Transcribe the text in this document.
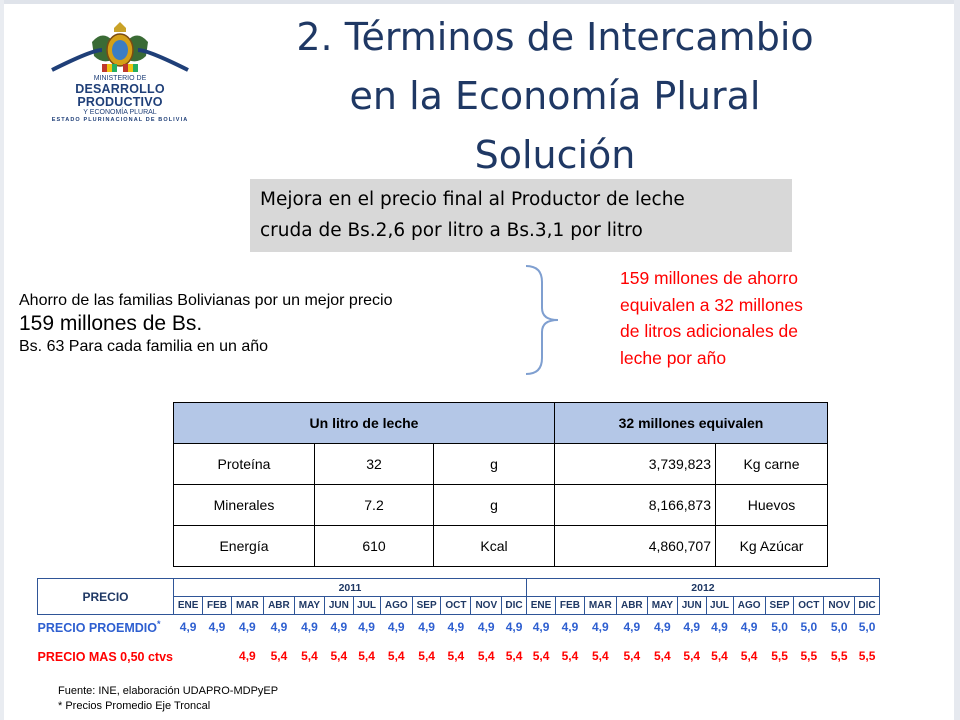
MINISTERIO DE
DESARROLLO PRODUCTIVO
Y ECONOMÍA PLURAL
ESTADO PLURINACIONAL DE BOLIVIA
2. Términos de Intercambio
en la Economía Plural
Solución
Mejora en el precio final al Productor de leche
cruda de Bs.2,6 por litro a Bs.3,1 por litro
Ahorro de las familias Bolivianas por un mejor precio
159 millones de Bs.
Bs. 63 Para cada familia en un año
159 millones de ahorro
equivalen a 32 millones
de litros adicionales de
leche por año
Un litro de leche			32 millones equivalen	
Proteína	32	g	3,739,823	Kg carne
Minerales	7.2	g	8,166,873	Huevos
Energía	610	Kcal	4,860,707	Kg Azúcar
PRECIO	2011												2012											
	ENE	FEB	MAR	ABR	MAY	JUN	JUL	AGO	SEP	OCT	NOV	DIC	ENE	FEB	MAR	ABR	MAY	JUN	JUL	AGO	SEP	OCT	NOV	DIC
PRECIO PROEMDIO*	4,9	4,9	4,9	4,9	4,9	4,9	4,9	4,9	4,9	4,9	4,9	4,9	4,9	4,9	4,9	4,9	4,9	4,9	4,9	4,9	5,0	5,0	5,0	5,0
PRECIO MAS 0,50 ctvs			4,9	5,4	5,4	5,4	5,4	5,4	5,4	5,4	5,4	5,4	5,4	5,4	5,4	5,4	5,4	5,4	5,4	5,4	5,5	5,5	5,5	5,5
Fuente: INE, elaboración UDAPRO-MDPyEP
* Precios Promedio Eje Troncal
